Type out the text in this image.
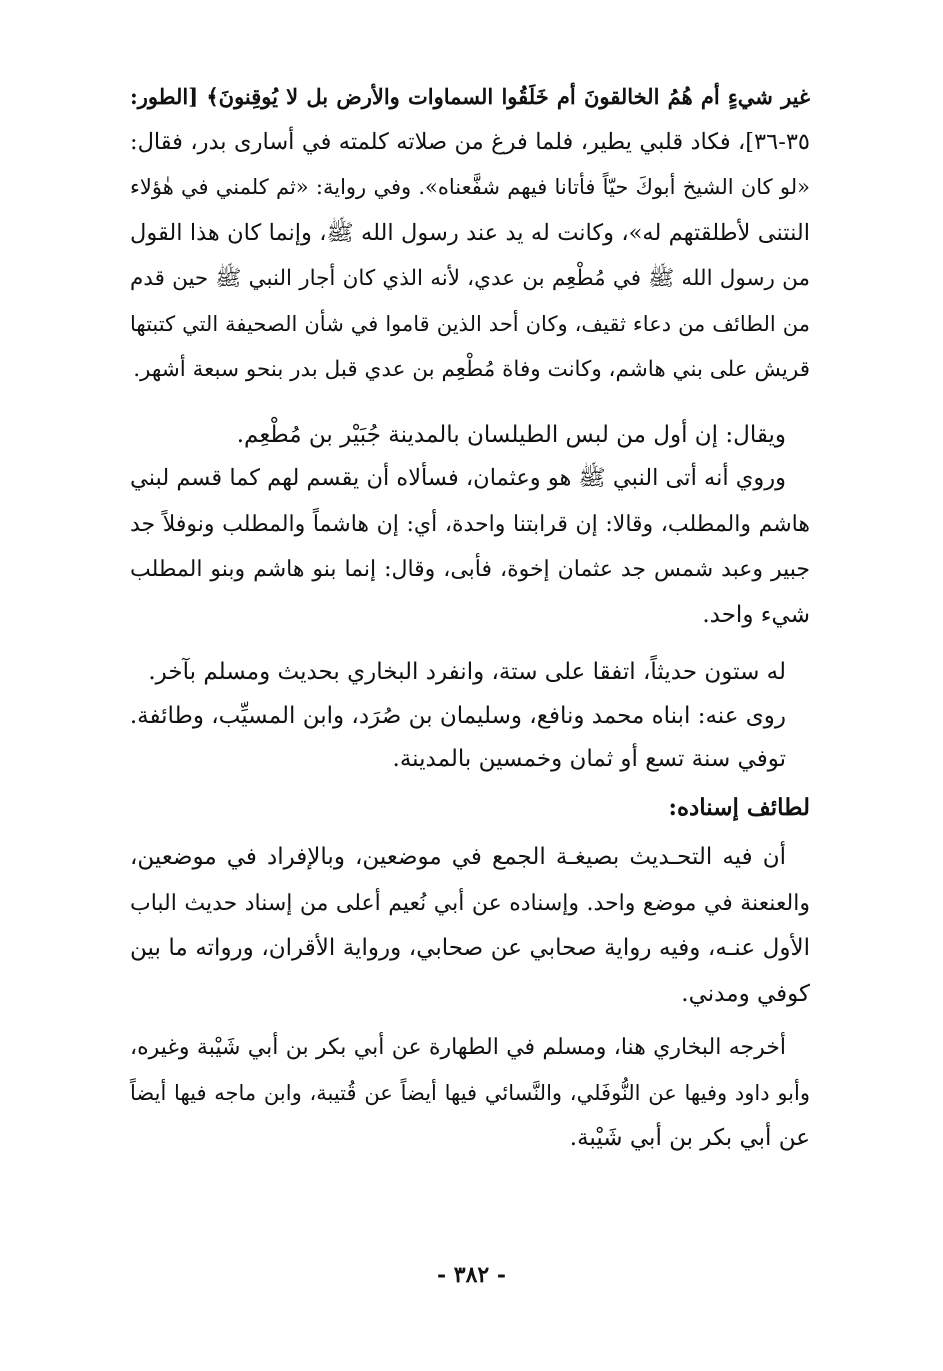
غير شيءٍ أم هُمُ الخالقونَ أم خَلَقُوا السماوات والأرض بل لا يُوقِنونَ﴾ [الطور:
٣٥-٣٦]، فكاد قلبي يطير، فلما فرغ من صلاته كلمته في أسارى بدر، فقال:
«لو كان الشيخ أبوكَ حيّاً فأتانا فيهم شفَّعناه». وفي رواية: «ثم كلمني في هٰؤلاء
النتنى لأطلقتهم له»، وكانت له يد عند رسول الله ﷺ، وإنما كان هذا القول
من رسول الله ﷺ في مُطْعِم بن عدي، لأنه الذي كان أجار النبي ﷺ حين قدم
من الطائف من دعاء ثقيف، وكان أحد الذين قاموا في شأن الصحيفة التي كتبتها
قريش على بني هاشم، وكانت وفاة مُطْعِم بن عدي قبل بدر بنحو سبعة أشهر.
ويقال: إن أول من لبس الطيلسان بالمدينة جُبَيْر بن مُطْعِم.
وروي أنه أتى النبي ﷺ هو وعثمان، فسألاه أن يقسم لهم كما قسم لبني
هاشم والمطلب، وقالا: إن قرابتنا واحدة، أي: إن هاشماً والمطلب ونوفلاً جد
جبير وعبد شمس جد عثمان إخوة، فأبى، وقال: إنما بنو هاشم وبنو المطلب
شيء واحد.
له ستون حديثاً، اتفقا على ستة، وانفرد البخاري بحديث ومسلم بآخر.
روى عنه: ابناه محمد ونافع، وسليمان بن صُرَد، وابن المسيِّب، وطائفة.
توفي سنة تسع أو ثمان وخمسين بالمدينة.
لطائف إسناده:
أن فيه التحـديث بصيغـة الجمع في موضعين، وبالإفراد في موضعين،
والعنعنة في موضع واحد. وإسناده عن أبي نُعيم أعلى من إسناد حديث الباب
الأول عنـه، وفيه رواية صحابي عن صحابي، ورواية الأقران، ورواته ما بين
كوفي ومدني.
أخرجه البخاري هنا، ومسلم في الطهارة عن أبي بكر بن أبي شَيْبة وغيره،
وأبو داود وفيها عن النُّوفَلي، والنَّسائي فيها أيضاً عن قُتيبة، وابن ماجه فيها أيضاً
عن أبي بكر بن أبي شَيْبة.
- ٣٨٢ -
